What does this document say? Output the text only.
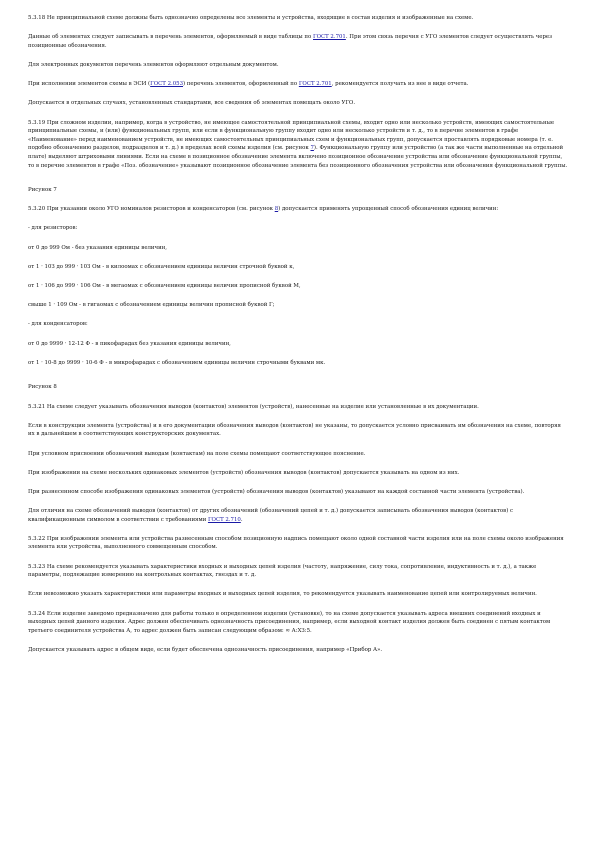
5.3.18 Не принципиальной схеме должны быть однозначно определены все элементы и устройства, входящие в состав изделия и изображенные на схеме.

Данные об элементах следует записывать в перечень элементов, оформляемый в виде таблицы по ГОСТ 2.701. При этом связь перечня с УГО элементов следует осуществлять через позиционные обозначения.

Для электронных документов перечень элементов оформляют отдельным документом.

При исполнении элементов схемы в ЭСИ (ГОСТ 2.053) перечень элементов, оформленный по ГОСТ 2.701, рекомендуется получать из нее в виде отчета.

Допускается в отдельных случаях, установленных стандартами, все сведения об элементах помещать около УГО.

5.3.19 При сложном изделии, например, когда в устройство, не имеющее самостоятельной принципиальной схемы, входит одно или несколько устройств, имеющих самостоятельные принципиальные схемы, и (или) функциональных групп, или если в функциональную группу входит одно или несколько устройств и т. д., то в перечне элементов в графе «Наименование» перед наименованием устройств, не имеющих самостоятельных принципиальных схем и функциональных групп, допускается проставлять порядковые номера (т. е. подобно обозначению разделов, подразделов и т. д.) в пределах всей схемы изделия (см. рисунок 7). Функциональную группу или устройство (а так же части выполненные на отдельной плате) выделяют штриховыми линиями. Если на схеме в позиционное обозначение элемента включено позиционное обозначение устройства или обозначение функциональной группы, то в перечне элементов в графе «Поз. обозначение» указывают позиционное обозначение элемента без позиционного обозначения устройства или обозначения функциональной группы.

Рисунок 7

5.3.20 При указании около УГО номиналов резисторов и конденсаторов (см. рисунок 8) допускается применять упрощенный способ обозначения единиц величин:

- для резисторов:

от 0 до 999 Ом - без указания единицы величин,

от 1 · 10З до 999 · 10З Ом - в килоомах с обозначением единицы величин строчной буквой к,

от 1 · 106 до 999 · 106 Ом - в мегаомах с обозначением единицы величин прописной буквой М,

свыше 1 · 109 Ом - в гигаомах с обозначением единицы величин прописной буквой Г;

- для конденсаторов:

от 0 до 9999 · 12-12 Ф - в пикофарадах без указания единицы величин,

от 1 · 10-8 до 9999 · 10-6 Ф - в микрофарадах с обозначением единицы величин строчными буквами мк.

Рисунок 8

5.3.21 На схеме следует указывать обозначения выводов (контактов) элементов (устройств), нанесенные на изделие или установленные в их документации.

Если в конструкции элемента (устройства) и в его документации обозначения выводов (контактов) не указаны, то допускается условно присваивать им обозначения на схеме, повторяя их в дальнейшем в соответствующих конструкторских документах.

При условном присвоении обозначений выводам (контактам) на поле схемы помещают соответствующее пояснение.

При изображении на схеме нескольких одинаковых элементов (устройств) обозначения выводов (контактов) допускается указывать на одном из них.

При разнесенном способе изображения одинаковых элементов (устройств) обозначения выводов (контактов) указывают на каждой составной части элемента (устройства).

Для отличия на схеме обозначений выводов (контактов) от других обозначений (обозначений цепей и т. д.) допускается записывать обозначения выводов (контактов) с квалификационным символом в соответствии с требованиями ГОСТ 2.710.

5.3.22 При изображении элемента или устройства разнесенным способом позиционную надпись помещают около одной составной части изделия или на поле схемы около изображения элемента или устройства, выполненного совмещенным способом.

5.3.23 На схеме рекомендуется указывать характеристики входных и выходных цепей изделия (частоту, напряжение, силу тока, сопротивление, индуктивность и т. д.), а также параметры, подлежащие измерению на контрольных контактах, гнездах и т. д.

Если невозможно указать характеристики или параметры входных и выходных цепей изделия, то рекомендуется указывать наименование цепей или контролируемых величин.

5.3.24 Если изделие заведомо предназначено для работы только в определенном изделии (установке), то на схеме допускается указывать адреса внешних соединений входных и выходных цепей данного изделия. Адрес должен обеспечивать однозначность присоединения, например, если выходной контакт изделия должен быть соединен с пятым контактом третьего соединителя устройства А, то адрес должен быть записан следующим образом: ≈ А:ХЗ:5.

Допускается указывать адрес в общем виде, если будет обеспечена однозначность присоединения, например «Прибор А».
